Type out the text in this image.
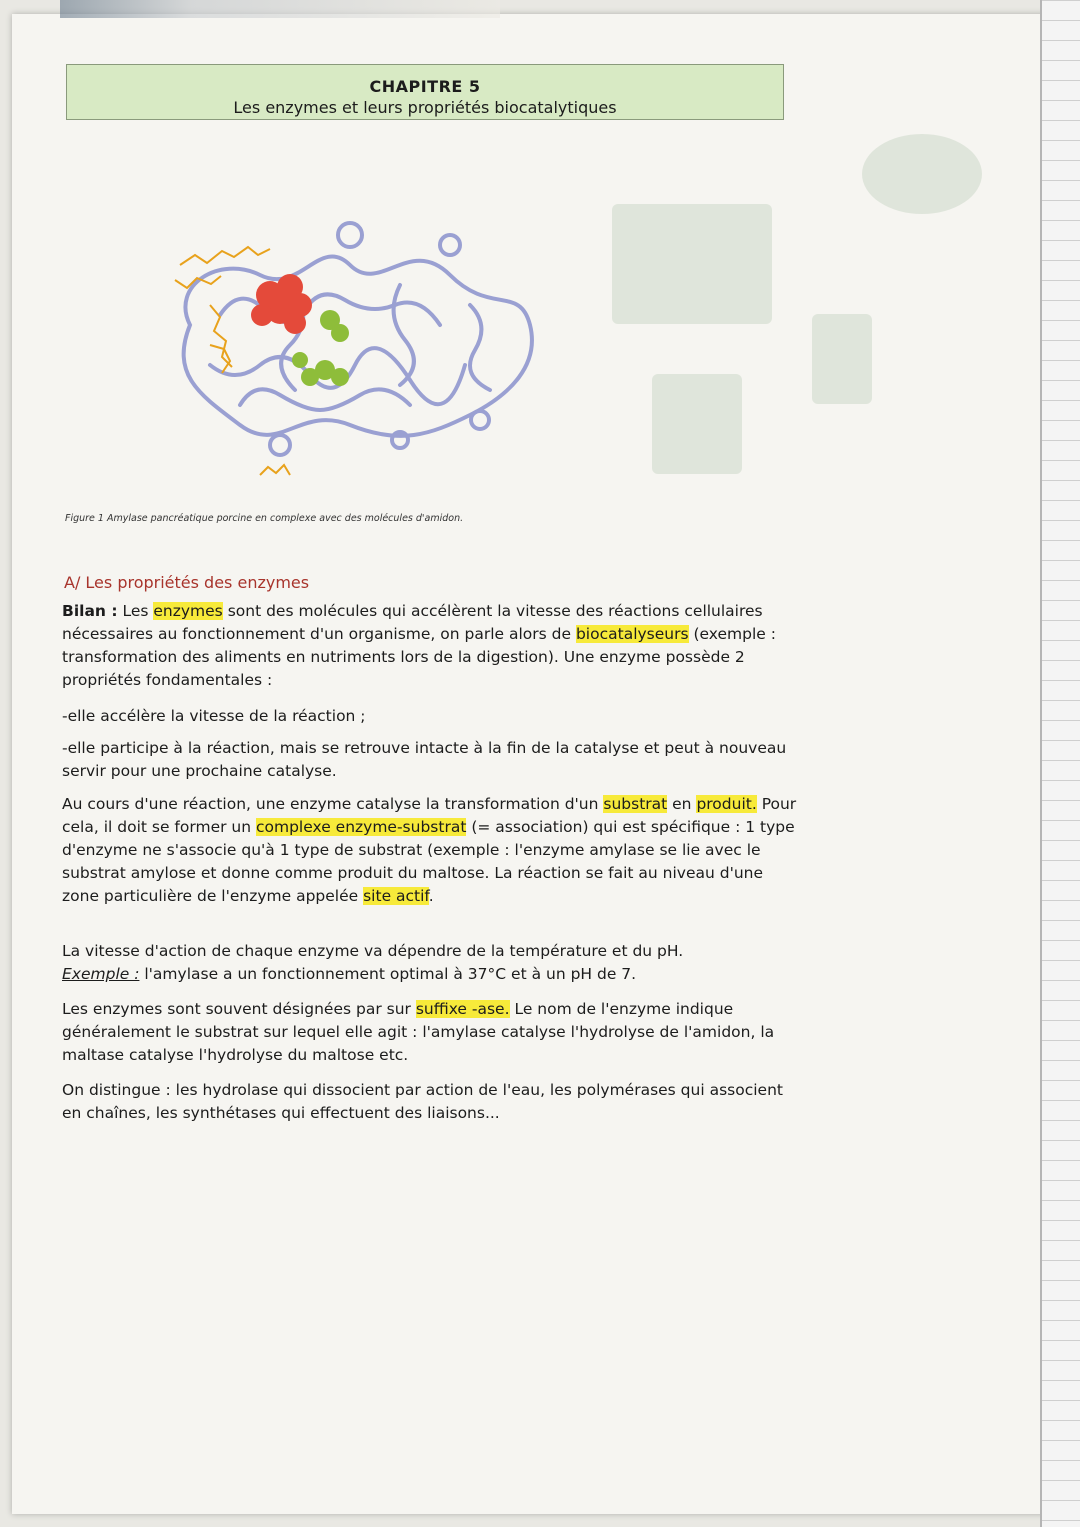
CHAPITRE 5
Les enzymes et leurs propriétés biocatalytiques
Figure 1 Amylase pancréatique porcine en complexe avec des molécules d'amidon.
A/ Les propriétés des enzymes
Bilan : Les enzymes sont des molécules qui accélèrent la vitesse des réactions cellulaires nécessaires au fonctionnement d'un organisme, on parle alors de biocatalyseurs (exemple : transformation des aliments en nutriments lors de la digestion). Une enzyme possède 2 propriétés fondamentales :
-elle accélère la vitesse de la réaction ;
-elle participe à la réaction, mais se retrouve intacte à la fin de la catalyse et peut à nouveau servir pour une prochaine catalyse.
Au cours d'une réaction, une enzyme catalyse la transformation d'un substrat en produit. Pour cela, il doit se former un complexe enzyme-substrat (= association) qui est spécifique : 1 type d'enzyme ne s'associe qu'à 1 type de substrat (exemple : l'enzyme amylase se lie avec le substrat amylose et donne comme produit du maltose. La réaction se fait au niveau d'une zone particulière de l'enzyme appelée site actif.
La vitesse d'action de chaque enzyme va dépendre de la température et du pH.
Exemple : l'amylase a un fonctionnement optimal à 37°C et à un pH de 7.
Les enzymes sont souvent désignées par sur suffixe -ase. Le nom de l'enzyme indique généralement le substrat sur lequel elle agit : l'amylase catalyse l'hydrolyse de l'amidon, la maltase catalyse l'hydrolyse du maltose etc.
On distingue : les hydrolase qui dissocient par action de l'eau, les polymérases qui associent en chaînes, les synthétases qui effectuent des liaisons...
